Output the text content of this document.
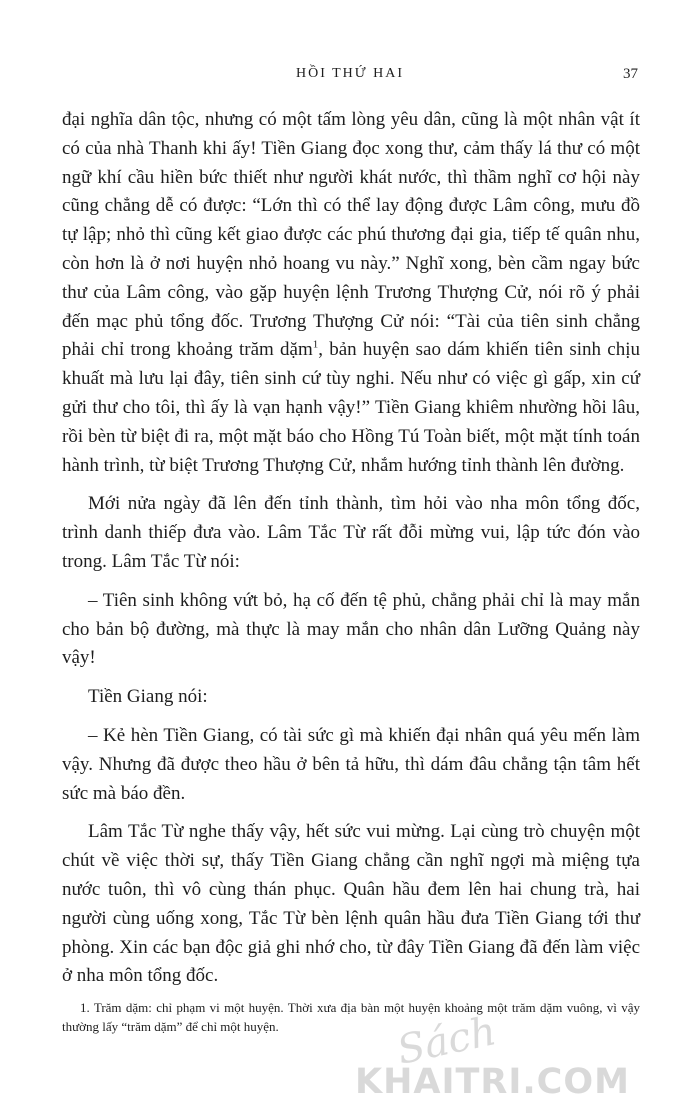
HỒI THỨ HAI	37

đại nghĩa dân tộc, nhưng có một tấm lòng yêu dân, cũng là một nhân vật ít có của nhà Thanh khi ấy! Tiền Giang đọc xong thư, cảm thấy lá thư có một ngữ khí cầu hiền bức thiết như người khát nước, thì thầm nghĩ cơ hội này cũng chẳng dễ có được: “Lớn thì có thể lay động được Lâm công, mưu đồ tự lập; nhỏ thì cũng kết giao được các phú thương đại gia, tiếp tế quân nhu, còn hơn là ở nơi huyện nhỏ hoang vu này.” Nghĩ xong, bèn cầm ngay bức thư của Lâm công, vào gặp huyện lệnh Trương Thượng Cử, nói rõ ý phải đến mạc phủ tổng đốc. Trương Thượng Cử nói: “Tài của tiên sinh chẳng phải chỉ trong khoảng trăm dặm$^1$, bản huyện sao dám khiến tiên sinh chịu khuất mà lưu lại đây, tiên sinh cứ tùy nghi. Nếu như có việc gì gấp, xin cứ gửi thư cho tôi, thì ấy là vạn hạnh vậy!” Tiền Giang khiêm nhường hồi lâu, rồi bèn từ biệt đi ra, một mặt báo cho Hồng Tú Toàn biết, một mặt tính toán hành trình, từ biệt Trương Thượng Cử, nhắm hướng tỉnh thành lên đường.

Mới nửa ngày đã lên đến tỉnh thành, tìm hỏi vào nha môn tổng đốc, trình danh thiếp đưa vào. Lâm Tắc Từ rất đỗi mừng vui, lập tức đón vào trong. Lâm Tắc Từ nói:

– Tiên sinh không vứt bỏ, hạ cố đến tệ phủ, chẳng phải chỉ là may mắn cho bản bộ đường, mà thực là may mắn cho nhân dân Lưỡng Quảng này vậy!

Tiền Giang nói:

– Kẻ hèn Tiền Giang, có tài sức gì mà khiến đại nhân quá yêu mến làm vậy. Nhưng đã được theo hầu ở bên tả hữu, thì dám đâu chẳng tận tâm hết sức mà báo đền.

Lâm Tắc Từ nghe thấy vậy, hết sức vui mừng. Lại cùng trò chuyện một chút về việc thời sự, thấy Tiền Giang chẳng cần nghĩ ngợi mà miệng tựa nước tuôn, thì vô cùng thán phục. Quân hầu đem lên hai chung trà, hai người cùng uống xong, Tắc Từ bèn lệnh quân hầu đưa Tiền Giang tới thư phòng. Xin các bạn độc giả ghi nhớ cho, từ đây Tiền Giang đã đến làm việc ở nha môn tổng đốc.

1. Trăm dặm: chỉ phạm vi một huyện. Thời xưa địa bàn một huyện khoảng một trăm dặm vuông, vì vậy thường lấy “trăm dặm” để chỉ một huyện.	Sách
KHAITRI.COM
